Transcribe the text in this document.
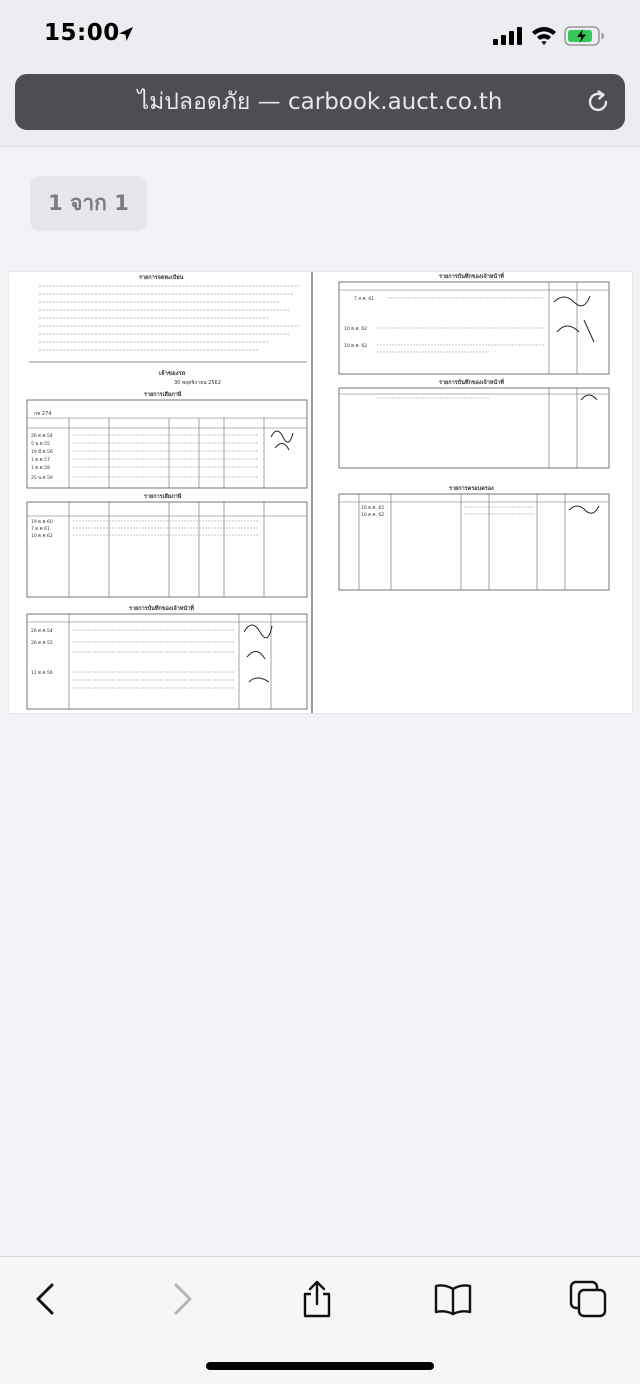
15:00
ไม่ปลอดภัย — carbook.auct.co.th
1 จาก 1
รายการจดทะเบียน
เจ้าของรถ
30 พฤศจิกายน 2562
รายการเสียภาษี
กท 274
26 ต.ค.54
5 พ.ค.55
19 มี.ค.56
1 ต.ค.57
1 ต.ค.58
25 พ.ค.59
รายการเสียภาษี
19 ต.ค.60
7 ต.ค.61
10 ต.ค.62
รายการบันทึกของเจ้าหน้าที่
26 ต.ค.54
26 ต.ค.55
11 ต.ค.56
รายการบันทึกของเจ้าหน้าที่
7 ส.ค. 61
10 ต.ค. 62
10 ต.ค. 62
รายการบันทึกของเจ้าหน้าที่
รายการครอบครอง
10 ต.ค. 62
10 ต.ค. 62
